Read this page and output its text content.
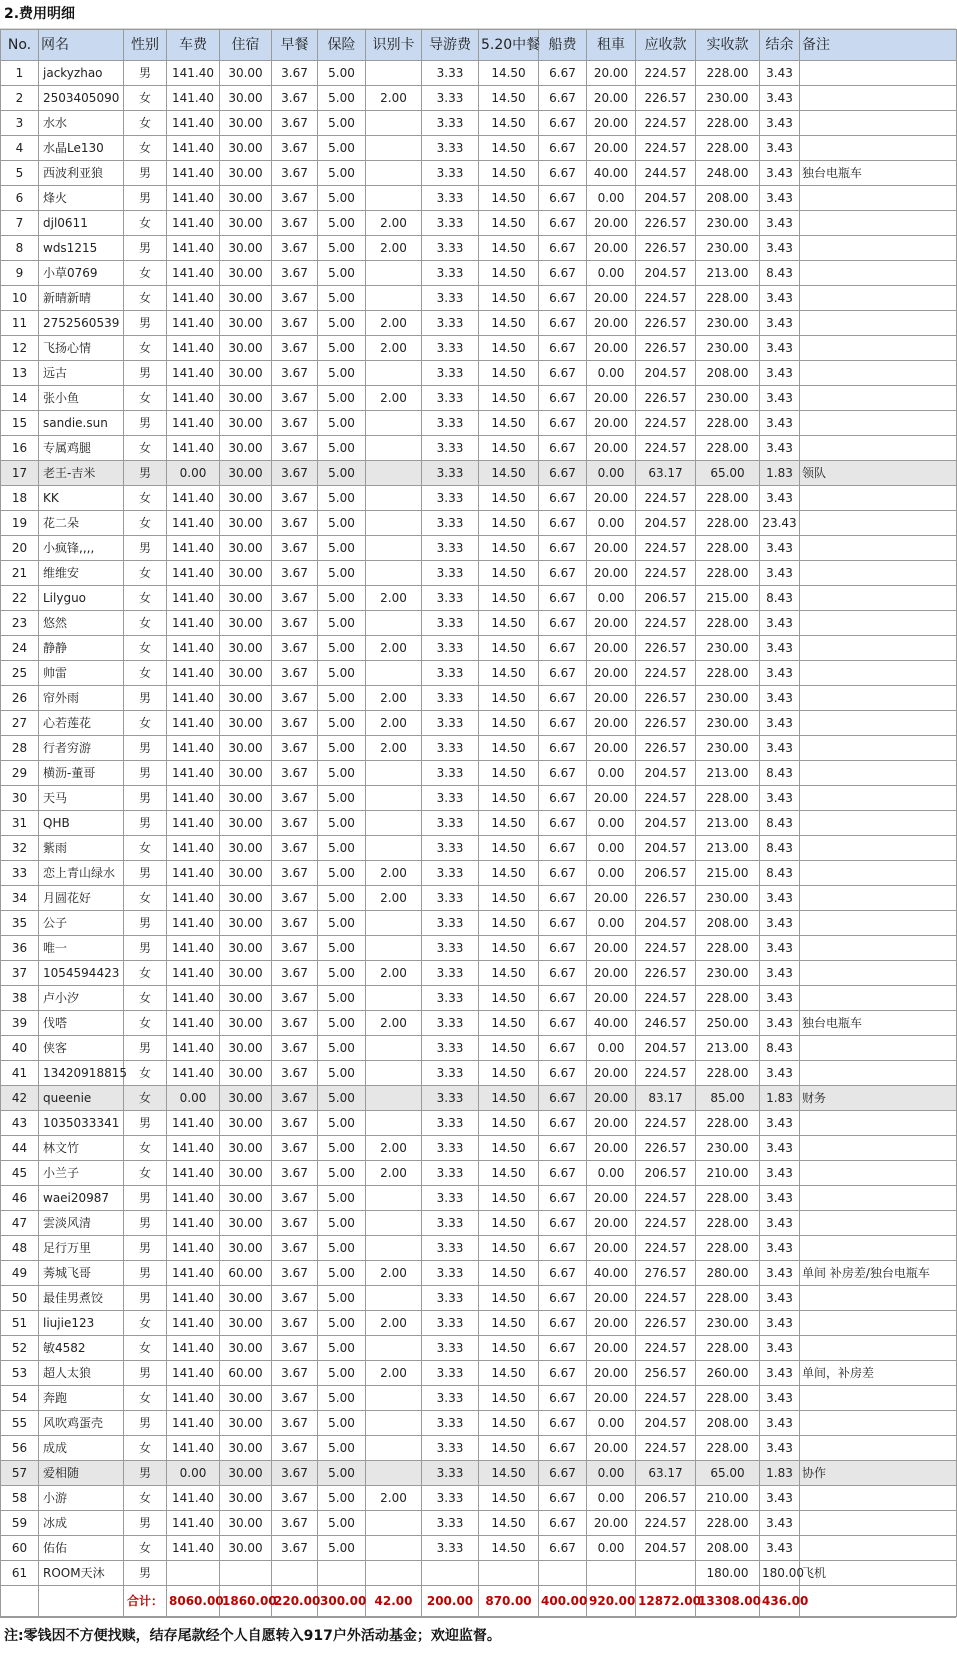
2.费用明细
No.	网名	性别	车费	住宿	早餐	保险	识别卡	导游费	5.20中餐	船费	租車	应收款	实收款	结余	备注
1	jackyzhao	男	141.40	30.00	3.67	5.00		3.33	14.50	6.67	20.00	224.57	228.00	3.43	
2	2503405090	女	141.40	30.00	3.67	5.00	2.00	3.33	14.50	6.67	20.00	226.57	230.00	3.43	
3	水水	女	141.40	30.00	3.67	5.00		3.33	14.50	6.67	20.00	224.57	228.00	3.43	
4	水晶Le130	女	141.40	30.00	3.67	5.00		3.33	14.50	6.67	20.00	224.57	228.00	3.43	
5	西波利亚狼	男	141.40	30.00	3.67	5.00		3.33	14.50	6.67	40.00	244.57	248.00	3.43	独台电瓶车
6	烽火	男	141.40	30.00	3.67	5.00		3.33	14.50	6.67	0.00	204.57	208.00	3.43	
7	djl0611	女	141.40	30.00	3.67	5.00	2.00	3.33	14.50	6.67	20.00	226.57	230.00	3.43	
8	wds1215	男	141.40	30.00	3.67	5.00	2.00	3.33	14.50	6.67	20.00	226.57	230.00	3.43	
9	小草0769	女	141.40	30.00	3.67	5.00		3.33	14.50	6.67	0.00	204.57	213.00	8.43	
10	新晴新晴	女	141.40	30.00	3.67	5.00		3.33	14.50	6.67	20.00	224.57	228.00	3.43	
11	2752560539	男	141.40	30.00	3.67	5.00	2.00	3.33	14.50	6.67	20.00	226.57	230.00	3.43	
12	飞扬心情	女	141.40	30.00	3.67	5.00	2.00	3.33	14.50	6.67	20.00	226.57	230.00	3.43	
13	远古	男	141.40	30.00	3.67	5.00		3.33	14.50	6.67	0.00	204.57	208.00	3.43	
14	张小鱼	女	141.40	30.00	3.67	5.00	2.00	3.33	14.50	6.67	20.00	226.57	230.00	3.43	
15	sandie.sun	男	141.40	30.00	3.67	5.00		3.33	14.50	6.67	20.00	224.57	228.00	3.43	
16	专属鸡腿	女	141.40	30.00	3.67	5.00		3.33	14.50	6.67	20.00	224.57	228.00	3.43	
17	老王-吉米	男	0.00	30.00	3.67	5.00		3.33	14.50	6.67	0.00	63.17	65.00	1.83	领队
18	KK	女	141.40	30.00	3.67	5.00		3.33	14.50	6.67	20.00	224.57	228.00	3.43	
19	花二朵	女	141.40	30.00	3.67	5.00		3.33	14.50	6.67	0.00	204.57	228.00	23.43	
20	小疯锋,,,,	男	141.40	30.00	3.67	5.00		3.33	14.50	6.67	20.00	224.57	228.00	3.43	
21	维维安	女	141.40	30.00	3.67	5.00		3.33	14.50	6.67	20.00	224.57	228.00	3.43	
22	Lilyguo	女	141.40	30.00	3.67	5.00	2.00	3.33	14.50	6.67	0.00	206.57	215.00	8.43	
23	悠然	女	141.40	30.00	3.67	5.00		3.33	14.50	6.67	20.00	224.57	228.00	3.43	
24	静静	女	141.40	30.00	3.67	5.00	2.00	3.33	14.50	6.67	20.00	226.57	230.00	3.43	
25	帅雷	女	141.40	30.00	3.67	5.00		3.33	14.50	6.67	20.00	224.57	228.00	3.43	
26	帘外雨	男	141.40	30.00	3.67	5.00	2.00	3.33	14.50	6.67	20.00	226.57	230.00	3.43	
27	心若莲花	女	141.40	30.00	3.67	5.00	2.00	3.33	14.50	6.67	20.00	226.57	230.00	3.43	
28	行者穷游	男	141.40	30.00	3.67	5.00	2.00	3.33	14.50	6.67	20.00	226.57	230.00	3.43	
29	横沥-董哥	男	141.40	30.00	3.67	5.00		3.33	14.50	6.67	0.00	204.57	213.00	8.43	
30	天马	男	141.40	30.00	3.67	5.00		3.33	14.50	6.67	20.00	224.57	228.00	3.43	
31	QHB	男	141.40	30.00	3.67	5.00		3.33	14.50	6.67	0.00	204.57	213.00	8.43	
32	紫雨	女	141.40	30.00	3.67	5.00		3.33	14.50	6.67	0.00	204.57	213.00	8.43	
33	恋上青山绿水	男	141.40	30.00	3.67	5.00	2.00	3.33	14.50	6.67	0.00	206.57	215.00	8.43	
34	月圆花好	女	141.40	30.00	3.67	5.00	2.00	3.33	14.50	6.67	20.00	226.57	230.00	3.43	
35	公子	男	141.40	30.00	3.67	5.00		3.33	14.50	6.67	0.00	204.57	208.00	3.43	
36	唯一	男	141.40	30.00	3.67	5.00		3.33	14.50	6.67	20.00	224.57	228.00	3.43	
37	1054594423	女	141.40	30.00	3.67	5.00	2.00	3.33	14.50	6.67	20.00	226.57	230.00	3.43	
38	卢小汐	女	141.40	30.00	3.67	5.00		3.33	14.50	6.67	20.00	224.57	228.00	3.43	
39	伐嗒	女	141.40	30.00	3.67	5.00	2.00	3.33	14.50	6.67	40.00	246.57	250.00	3.43	独台电瓶车
40	侠客	男	141.40	30.00	3.67	5.00		3.33	14.50	6.67	0.00	204.57	213.00	8.43	
41	13420918815	女	141.40	30.00	3.67	5.00		3.33	14.50	6.67	20.00	224.57	228.00	3.43	
42	queenie	女	0.00	30.00	3.67	5.00		3.33	14.50	6.67	20.00	83.17	85.00	1.83	财务
43	1035033341	男	141.40	30.00	3.67	5.00		3.33	14.50	6.67	20.00	224.57	228.00	3.43	
44	林文竹	女	141.40	30.00	3.67	5.00	2.00	3.33	14.50	6.67	20.00	226.57	230.00	3.43	
45	小兰子	女	141.40	30.00	3.67	5.00	2.00	3.33	14.50	6.67	0.00	206.57	210.00	3.43	
46	waei20987	男	141.40	30.00	3.67	5.00		3.33	14.50	6.67	20.00	224.57	228.00	3.43	
47	雲淡风清	男	141.40	30.00	3.67	5.00		3.33	14.50	6.67	20.00	224.57	228.00	3.43	
48	足行万里	男	141.40	30.00	3.67	5.00		3.33	14.50	6.67	20.00	224.57	228.00	3.43	
49	莠城飞哥	男	141.40	60.00	3.67	5.00	2.00	3.33	14.50	6.67	40.00	276.57	280.00	3.43	单间 补房差/独台电瓶车
50	最佳男煮饺	男	141.40	30.00	3.67	5.00		3.33	14.50	6.67	20.00	224.57	228.00	3.43	
51	liujie123	女	141.40	30.00	3.67	5.00	2.00	3.33	14.50	6.67	20.00	226.57	230.00	3.43	
52	敏4582	女	141.40	30.00	3.67	5.00		3.33	14.50	6.67	20.00	224.57	228.00	3.43	
53	超人太狼	男	141.40	60.00	3.67	5.00	2.00	3.33	14.50	6.67	20.00	256.57	260.00	3.43	单间，补房差
54	奔跑	女	141.40	30.00	3.67	5.00		3.33	14.50	6.67	20.00	224.57	228.00	3.43	
55	风吹鸡蛋壳	男	141.40	30.00	3.67	5.00		3.33	14.50	6.67	0.00	204.57	208.00	3.43	
56	成成	女	141.40	30.00	3.67	5.00		3.33	14.50	6.67	20.00	224.57	228.00	3.43	
57	爱相随	男	0.00	30.00	3.67	5.00		3.33	14.50	6.67	0.00	63.17	65.00	1.83	协作
58	小游	女	141.40	30.00	3.67	5.00	2.00	3.33	14.50	6.67	0.00	206.57	210.00	3.43	
59	冰成	男	141.40	30.00	3.67	5.00		3.33	14.50	6.67	20.00	224.57	228.00	3.43	
60	佑佑	女	141.40	30.00	3.67	5.00		3.33	14.50	6.67	0.00	204.57	208.00	3.43	
61	ROOM天沐	男											180.00	180.00	飞机
		合计：	8060.00	1860.00	220.00	300.00	42.00	200.00	870.00	400.00	920.00	12872.00	13308.00	436.00	
注:零钱因不方便找赎，结存尾款经个人自愿转入917户外活动基金；欢迎监督。
